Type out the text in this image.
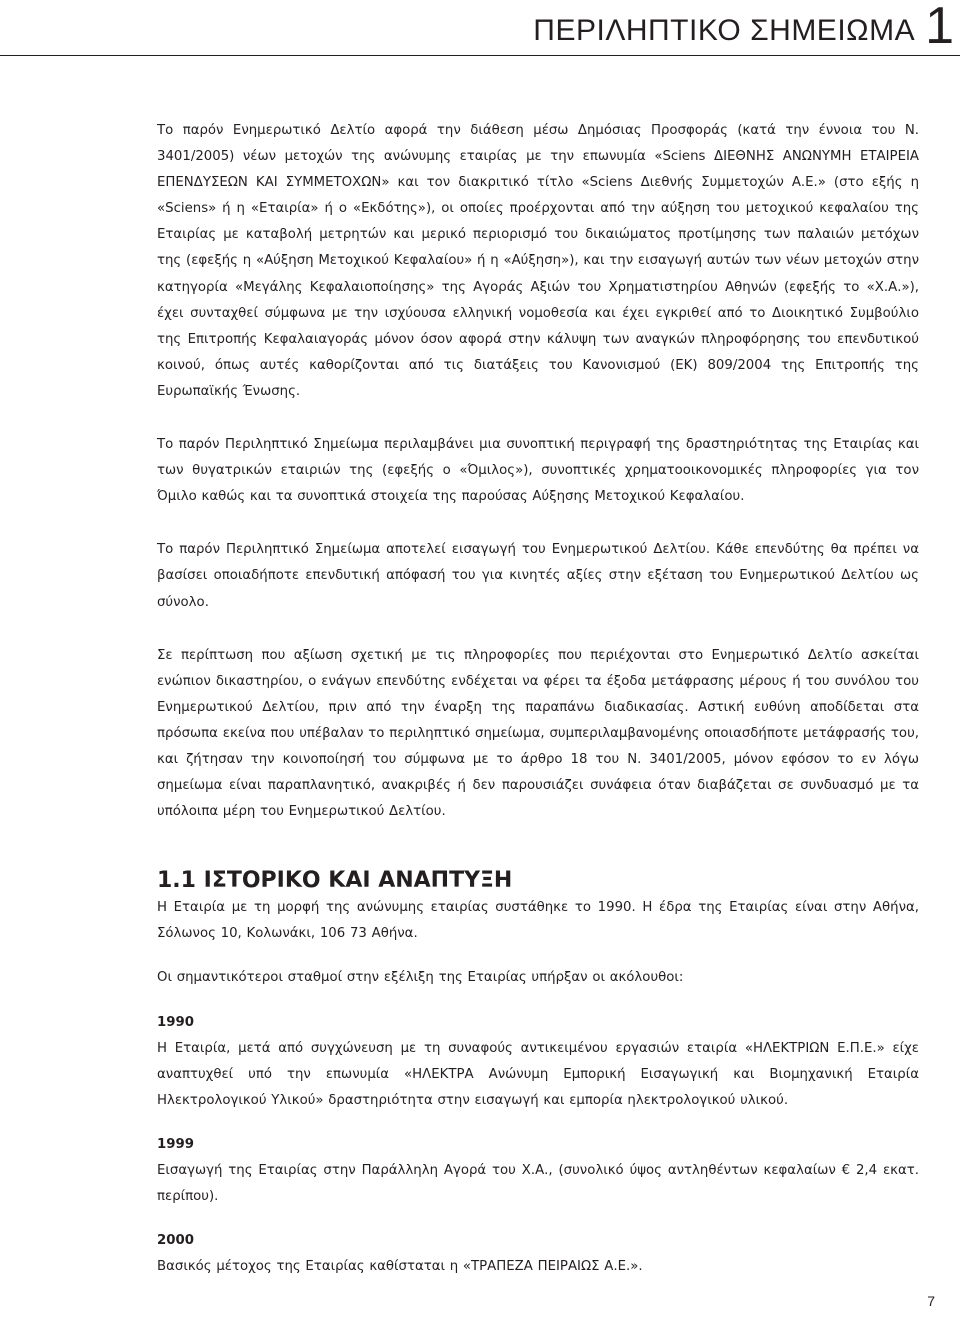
ΠΕΡΙΛΗΠΤΙΚΟ ΣΗΜΕΙΩΜΑ 1

Το παρόν Ενημερωτικό Δελτίο αφορά την διάθεση μέσω Δημόσιας Προσφοράς (κατά την έννοια του Ν. 3401/2005) νέων μετοχών της ανώνυμης εταιρίας με την επωνυμία «Sciens ΔΙΕΘΝΗΣ ΑΝΩΝΥΜΗ ΕΤΑΙΡΕΙΑ ΕΠΕΝΔΥΣΕΩΝ ΚΑΙ ΣΥΜΜΕΤΟΧΩΝ» και τον διακριτικό τίτλο «Sciens Διεθνής Συμμετοχών Α.Ε.» (στο εξής η «Sciens» ή η «Εταιρία» ή ο «Εκδότης»), οι οποίες προέρχονται από την αύξηση του μετοχικού κεφαλαίου της Εταιρίας με καταβολή μετρητών και μερικό περιορισμό του δικαιώματος προτίμησης των παλαιών μετόχων της (εφεξής η «Αύξηση Μετοχικού Κεφαλαίου» ή η «Αύξηση»), και την εισαγωγή αυτών των νέων μετοχών στην κατηγορία «Μεγάλης Κεφαλαιοποίησης» της Αγοράς Αξιών του Χρηματιστηρίου Αθηνών (εφεξής το «Χ.Α.»), έχει συνταχθεί σύμφωνα με την ισχύουσα ελληνική νομοθεσία και έχει εγκριθεί από το Διοικητικό Συμβούλιο της Επιτροπής Κεφαλαιαγοράς μόνον όσον αφορά στην κάλυψη των αναγκών πληροφόρησης του επενδυτικού κοινού, όπως αυτές καθορίζονται από τις διατάξεις του Κανονισμού (ΕΚ) 809/2004 της Επιτροπής της Ευρωπαϊκής Ένωσης.

Το παρόν Περιληπτικό Σημείωμα περιλαμβάνει μια συνοπτική περιγραφή της δραστηριότητας της Εταιρίας και των θυγατρικών εταιριών της (εφεξής ο «Όμιλος»), συνοπτικές χρηματοοικονομικές πληροφορίες για τον Όμιλο καθώς και τα συνοπτικά στοιχεία της παρούσας Αύξησης Μετοχικού Κεφαλαίου.

Το παρόν Περιληπτικό Σημείωμα αποτελεί εισαγωγή του Ενημερωτικού Δελτίου. Κάθε επενδύτης θα πρέπει να βασίσει οποιαδήποτε επενδυτική απόφασή του για κινητές αξίες στην εξέταση του Ενημερωτικού Δελτίου ως σύνολο.

Σε περίπτωση που αξίωση σχετική με τις πληροφορίες που περιέχονται στο Ενημερωτικό Δελτίο ασκείται ενώπιον δικαστηρίου, ο ενάγων επενδύτης ενδέχεται να φέρει τα έξοδα μετάφρασης μέρους ή του συνόλου του Ενημερωτικού Δελτίου, πριν από την έναρξη της παραπάνω διαδικασίας. Αστική ευθύνη αποδίδεται στα πρόσωπα εκείνα που υπέβαλαν το περιληπτικό σημείωμα, συμπεριλαμβανομένης οποιασδήποτε μετάφρασής του, και ζήτησαν την κοινοποίησή του σύμφωνα με το άρθρο 18 του Ν. 3401/2005, μόνον εφόσον το εν λόγω σημείωμα είναι παραπλανητικό, ανακριβές ή δεν παρουσιάζει συνάφεια όταν διαβάζεται σε συνδυασμό με τα υπόλοιπα μέρη του Ενημερωτικού Δελτίου.

1.1 ΙΣΤΟΡΙΚΟ ΚΑΙ ΑΝΑΠΤΥΞΗ

Η Εταιρία με τη μορφή της ανώνυμης εταιρίας συστάθηκε το 1990. Η έδρα της Εταιρίας είναι στην Αθήνα, Σόλωνος 10, Κολωνάκι, 106 73 Αθήνα.

Οι σημαντικότεροι σταθμοί στην εξέλιξη της Εταιρίας υπήρξαν οι ακόλουθοι:

1990

Η Εταιρία, μετά από συγχώνευση με τη συναφούς αντικειμένου εργασιών εταιρία «ΗΛΕΚΤΡΙΩΝ Ε.Π.Ε.» είχε αναπτυχθεί υπό την επωνυμία «ΗΛΕΚΤΡΑ Ανώνυμη Εμπορική Εισαγωγική και Βιομηχανική Εταιρία Ηλεκτρολογικού Υλικού» δραστηριότητα στην εισαγωγή και εμπορία ηλεκτρολογικού υλικού.

1999

Εισαγωγή της Εταιρίας στην Παράλληλη Αγορά του Χ.Α., (συνολικό ύψος αντληθέντων κεφαλαίων € 2,4 εκατ. περίπου).

2000

Βασικός μέτοχος της Εταιρίας καθίσταται η «ΤΡΑΠΕΖΑ ΠΕΙΡΑΙΩΣ Α.Ε.».

7
